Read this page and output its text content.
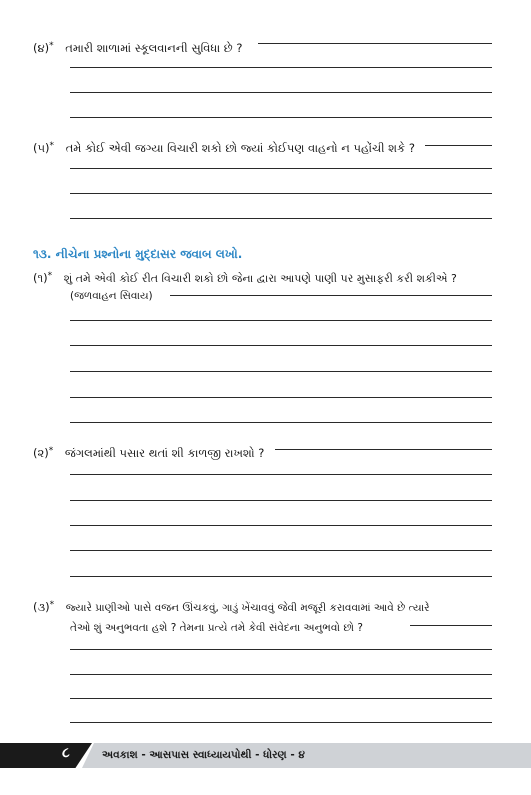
(૪)* તમારી શાળામાં સ્કૂલવાનની સુવિધા છે ?
(૫)* તમે કોઈ એવી જગ્યા વિચારી શકો છો જ્યાં કોઈપણ વાહનો ન પહોંચી શકે ?
૧૩. નીચેના પ્રશ્નોના મુદ્દાસર જવાબ લખો.
(૧)* શું તમે એવી કોઈ રીત વિચારી શકો છો જેના દ્વારા આપણે પાણી પર મુસાફરી કરી શકીએ ?
(જળવાહન સિવાય)
(૨)* જંગલમાંથી પસાર થતાં શી કાળજી રાખશો ?
(૩)* જ્યારે પ્રાણીઓ પાસે વજન ઊંચકવું, ગાડું ખેંચાવવું જેવી મજૂરી કરાવવામાં આવે છે ત્યારે
તેઓ શું અનુભવતા હશે ? તેમના પ્રત્યે તમે કેવી સંવેદના અનુભવો છો ?
૮	અવકાશ - આસપાસ સ્વાધ્યાયપોથી - ધોરણ - ૪
